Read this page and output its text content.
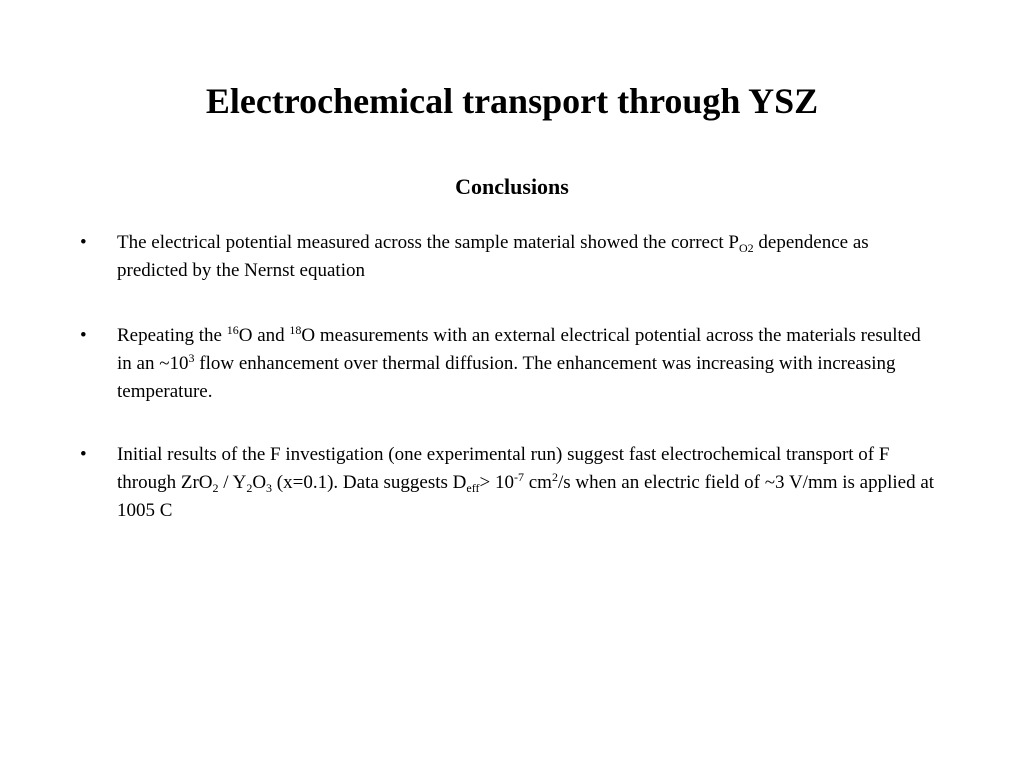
Electrochemical transport through YSZ
Conclusions
• The electrical potential measured across the sample material showed the correct $P_{O2}$ dependence as predicted by the Nernst equation
• Repeating the $^{16}$O and $^{18}$O measurements with an external electrical potential across the materials resulted in an $\sim 10^3$ flow enhancement over thermal diffusion. The enhancement was increasing with increasing temperature.
• Initial results of the F investigation (one experimental run) suggest fast electrochemical transport of F through $ZrO_2 / Y_2O_3$ (x=0.1). Data suggests $D_{eff}> 10^{-7}$ $cm^2/s$ when an electric field of ~3 V/mm is applied at 1005 C
